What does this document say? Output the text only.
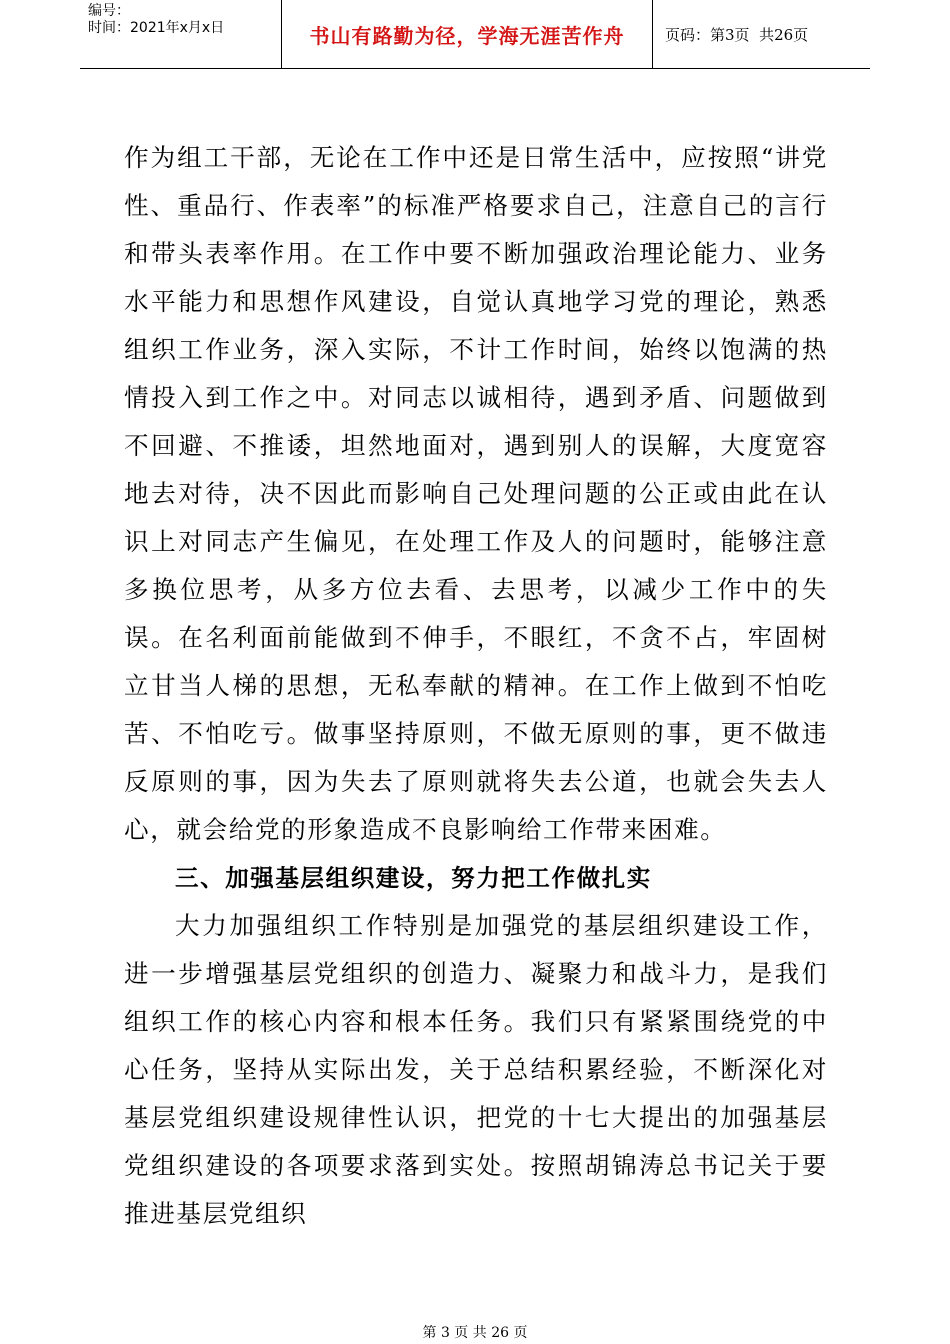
编号：
时间：2021年x月x日	书山有路勤为径，学海无涯苦作舟	页码：第3页  共26页

作为组工干部，无论在工作中还是日常生活中，应按照“讲党性、重品行、作表率”的标准严格要求自己，注意自己的言行和带头表率作用。在工作中要不断加强政治理论能力、业务水平能力和思想作风建设，自觉认真地学习党的理论，熟悉组织工作业务，深入实际，不计工作时间，始终以饱满的热情投入到工作之中。对同志以诚相待，遇到矛盾、问题做到不回避、不推诿，坦然地面对，遇到别人的误解，大度宽容地去对待，决不因此而影响自己处理问题的公正或由此在认识上对同志产生偏见，在处理工作及人的问题时，能够注意多换位思考，从多方位去看、去思考，以减少工作中的失误。在名利面前能做到不伸手，不眼红，不贪不占，牢固树立甘当人梯的思想，无私奉献的精神。在工作上做到不怕吃苦、不怕吃亏。做事坚持原则，不做无原则的事，更不做违反原则的事，因为失去了原则就将失去公道，也就会失去人心，就会给党的形象造成不良影响给工作带来困难。

三、加强基层组织建设，努力把工作做扎实

大力加强组织工作特别是加强党的基层组织建设工作，进一步增强基层党组织的创造力、凝聚力和战斗力，是我们组织工作的核心内容和根本任务。我们只有紧紧围绕党的中心任务，坚持从实际出发，关于总结积累经验，不断深化对基层党组织建设规律性认识，把党的十七大提出的加强基层党组织建设的各项要求落到实处。按照胡锦涛总书记关于要推进基层党组织

第 3 页 共 26 页
